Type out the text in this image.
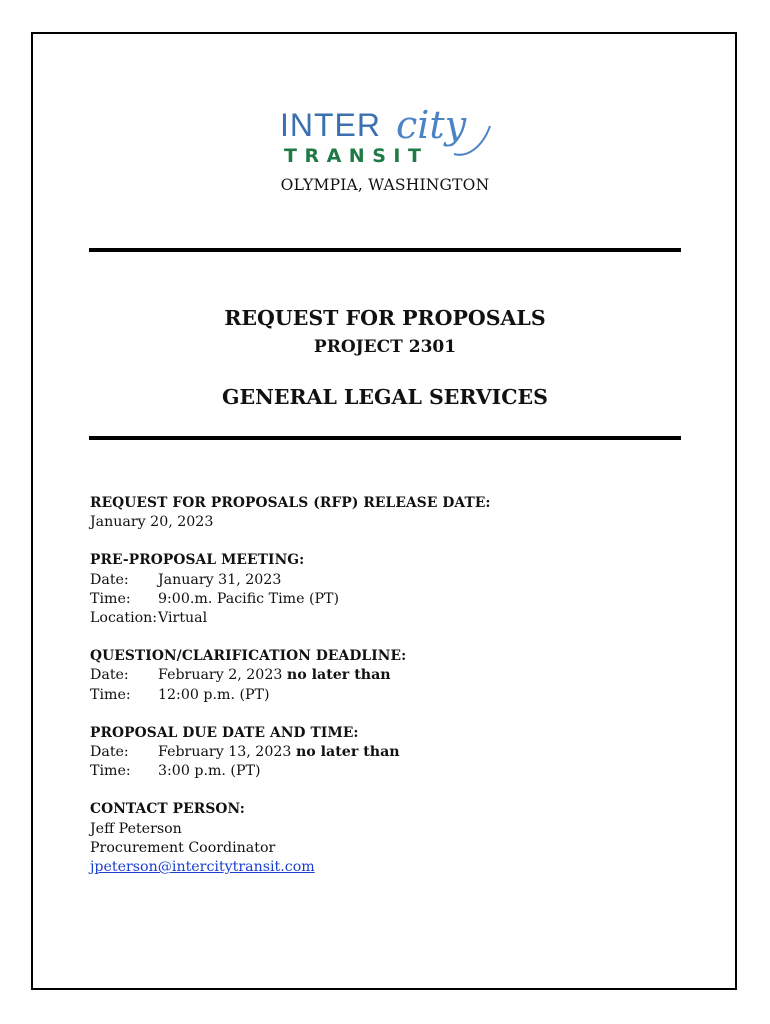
INTER city
TRANSIT
OLYMPIA, WASHINGTON
REQUEST FOR PROPOSALS
PROJECT 2301
GENERAL LEGAL SERVICES
REQUEST FOR PROPOSALS (RFP) RELEASE DATE:
January 20, 2023
PRE-PROPOSAL MEETING:
Date:	January 31, 2023
Time:	9:00.m. Pacific Time (PT)
Location: Virtual
QUESTION/CLARIFICATION DEADLINE:
Date:	February 2, 2023 no later than
Time:	12:00 p.m. (PT)
PROPOSAL DUE DATE AND TIME:
Date:	February 13, 2023 no later than
Time:	3:00 p.m. (PT)
CONTACT PERSON:
Jeff Peterson
Procurement Coordinator
jpeterson@intercitytransit.com
